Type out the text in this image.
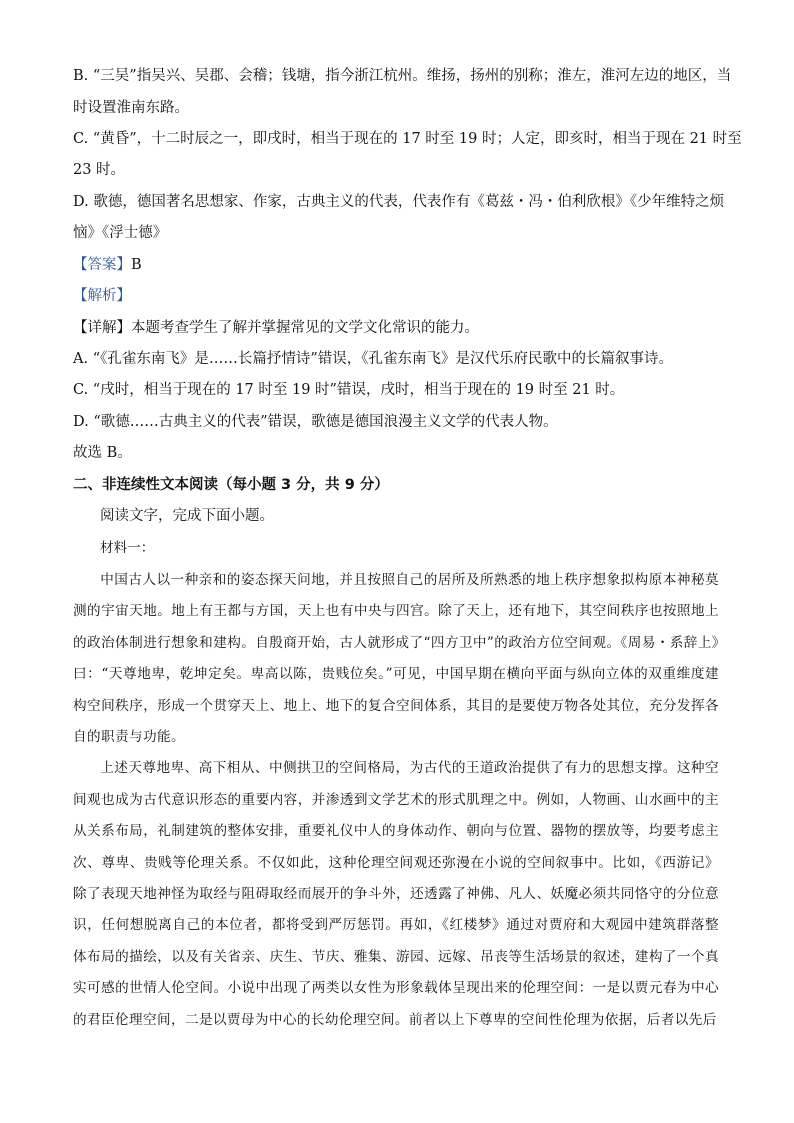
B. “三吴”指吴兴、吴郡、会稽；钱塘，指今浙江杭州。维扬，扬州的别称；淮左，淮河左边的地区，当
时设置淮南东路。
C. “黄昏”，十二时辰之一，即戌时，相当于现在的 17 时至 19 时；人定，即亥时，相当于现在 21 时至
23 时。
D. 歌德，德国著名思想家、作家，古典主义的代表，代表作有《葛兹・冯・伯利欣根》《少年维特之烦
恼》《浮士德》
【答案】B
【解析】
【详解】本题考查学生了解并掌握常见的文学文化常识的能力。
A. “《孔雀东南飞》是……长篇抒情诗”错误，《孔雀东南飞》是汉代乐府民歌中的长篇叙事诗。
C. “戌时，相当于现在的 17 时至 19 时”错误，戌时，相当于现在的 19 时至 21 时。
D. “歌德……古典主义的代表”错误，歌德是德国浪漫主义文学的代表人物。
故选 B。
二、非连续性文本阅读（每小题 3 分，共 9 分）
阅读文字，完成下面小题。
材料一：

中国古人以一种亲和的姿态探天问地，并且按照自己的居所及所熟悉的地上秩序想象拟构原本神秘莫测的宇宙天地。地上有王都与方国，天上也有中央与四宫。除了天上，还有地下，其空间秩序也按照地上的政治体制进行想象和建构。自殷商开始，古人就形成了“四方卫中”的政治方位空间观。《周易・系辞上》曰：“天尊地卑，乾坤定矣。卑高以陈，贵贱位矣。”可见，中国早期在横向平面与纵向立体的双重维度建构空间秩序，形成一个贯穿天上、地上、地下的复合空间体系，其目的是要使万物各处其位，充分发挥各自的职责与功能。

上述天尊地卑、高下相从、中侧拱卫的空间格局，为古代的王道政治提供了有力的思想支撑。这种空间观也成为古代意识形态的重要内容，并渗透到文学艺术的形式肌理之中。例如，人物画、山水画中的主从关系布局，礼制建筑的整体安排，重要礼仪中人的身体动作、朝向与位置、器物的摆放等，均要考虑主次、尊卑、贵贱等伦理关系。不仅如此，这种伦理空间观还弥漫在小说的空间叙事中。比如，《西游记》除了表现天地神怪为取经与阻碍取经而展开的争斗外，还透露了神佛、凡人、妖魔必须共同恪守的分位意识，任何想脱离自己的本位者，都将受到严厉惩罚。再如，《红楼梦》通过对贾府和大观园中建筑群落整体布局的描绘，以及有关省亲、庆生、节庆、雅集、游园、远嫁、吊丧等生活场景的叙述，建构了一个真实可感的世情人伦空间。小说中出现了两类以女性为形象载体呈现出来的伦理空间：一是以贾元春为中心的君臣伦理空间，二是以贾母为中心的长幼伦理空间。前者以上下尊卑的空间性伦理为依据，后者以先后
